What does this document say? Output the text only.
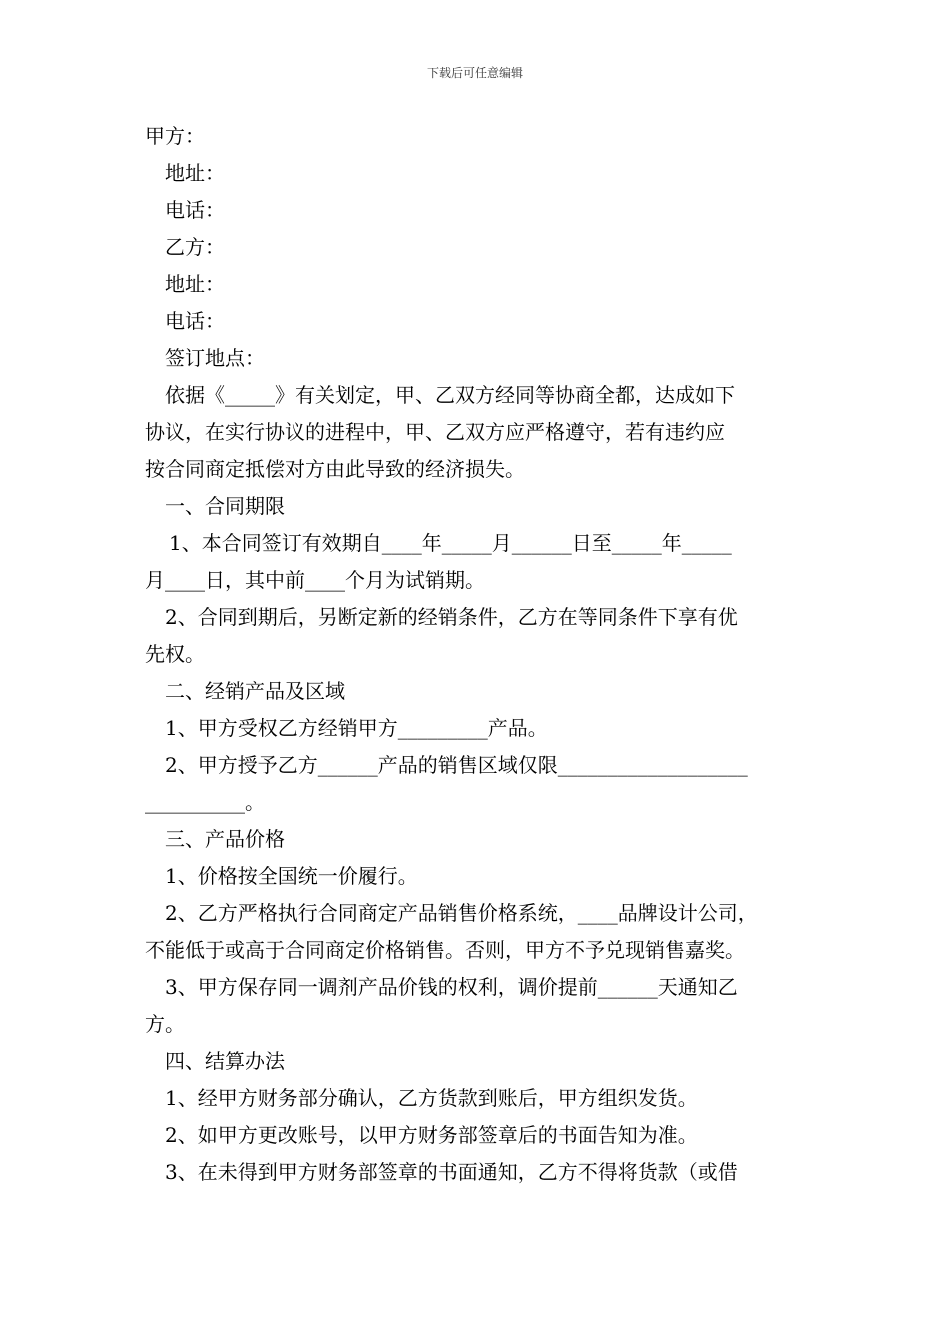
下载后可任意编辑
甲方：
地址：
电话：
乙方：
地址：
电话：
签订地点：
依据《_____》有关划定，甲、乙双方经同等协商全都，达成如下
协议，在实行协议的进程中，甲、乙双方应严格遵守，若有违约应
按合同商定抵偿对方由此导致的经济损失。
一、合同期限
1、本合同签订有效期自____年_____月______日至_____年_____
月____日，其中前____个月为试销期。
2、合同到期后，另断定新的经销条件，乙方在等同条件下享有优
先权。
二、经销产品及区域
1、甲方受权乙方经销甲方_________产品。
2、甲方授予乙方______产品的销售区域仅限___________________
__________。
三、产品价格
1、价格按全国统一价履行。
2、乙方严格执行合同商定产品销售价格系统，____品牌设计公司，
不能低于或高于合同商定价格销售。否则，甲方不予兑现销售嘉奖。
3、甲方保存同一调剂产品价钱的权利，调价提前______天通知乙
方。
四、结算办法
1、经甲方财务部分确认，乙方货款到账后，甲方组织发货。
2、如甲方更改账号，以甲方财务部签章后的书面告知为准。
3、在未得到甲方财务部签章的书面通知，乙方不得将货款（或借
